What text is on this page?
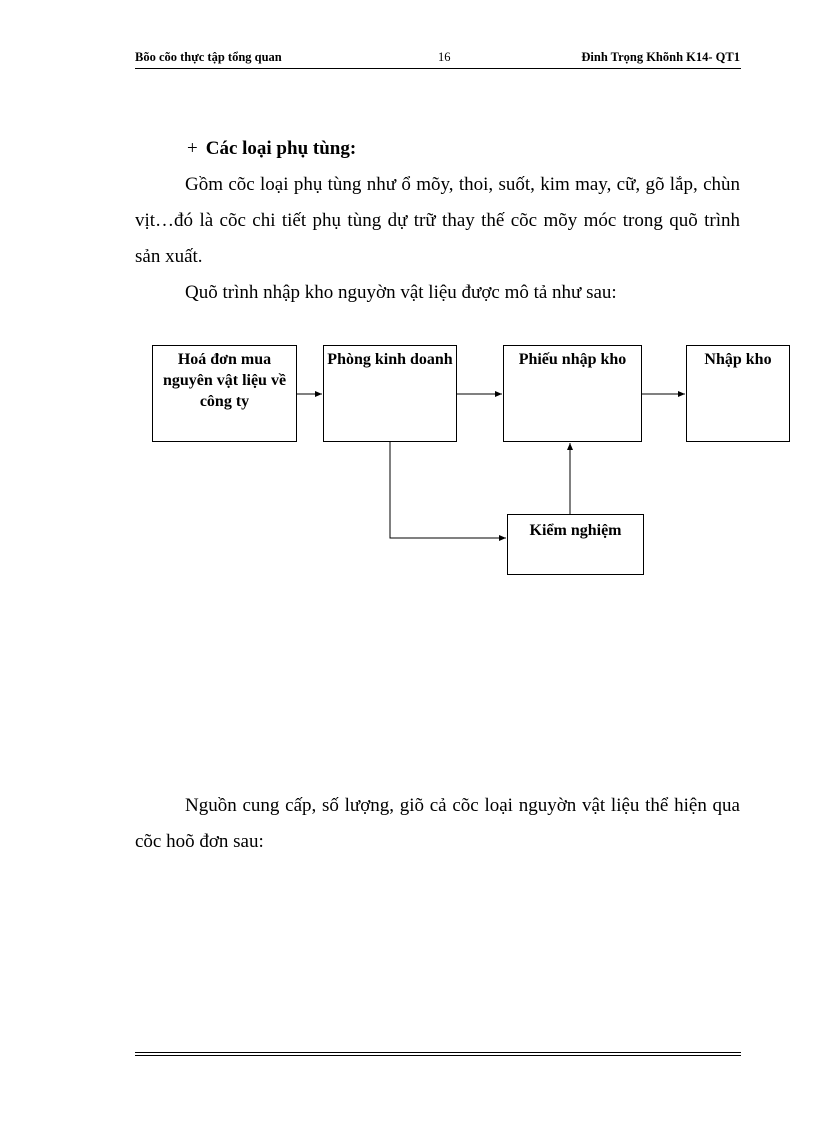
Bõo cõo thực tập tổng quan	16	Đinh Trọng Khõnh K14- QT1
+ Các loại phụ tùng:
Gồm cõc loại phụ tùng như ổ mõy, thoi, suốt, kim may, cữ, gõ lắp, chùn vịt…đó là cõc chi tiết phụ tùng dự trữ thay thế cõc mõy móc trong quõ trình sản xuất.
Quõ trình nhập kho nguyờn vật liệu được mô tả như sau:
Hoá đơn mua nguyên vật liệu về công ty
Phòng kinh doanh	Phiếu nhập kho	Nhập kho
Kiểm nghiệm
Nguồn cung cấp, số lượng, giõ cả cõc loại nguyờn vật liệu thể hiện qua cõc hoõ đơn sau:
